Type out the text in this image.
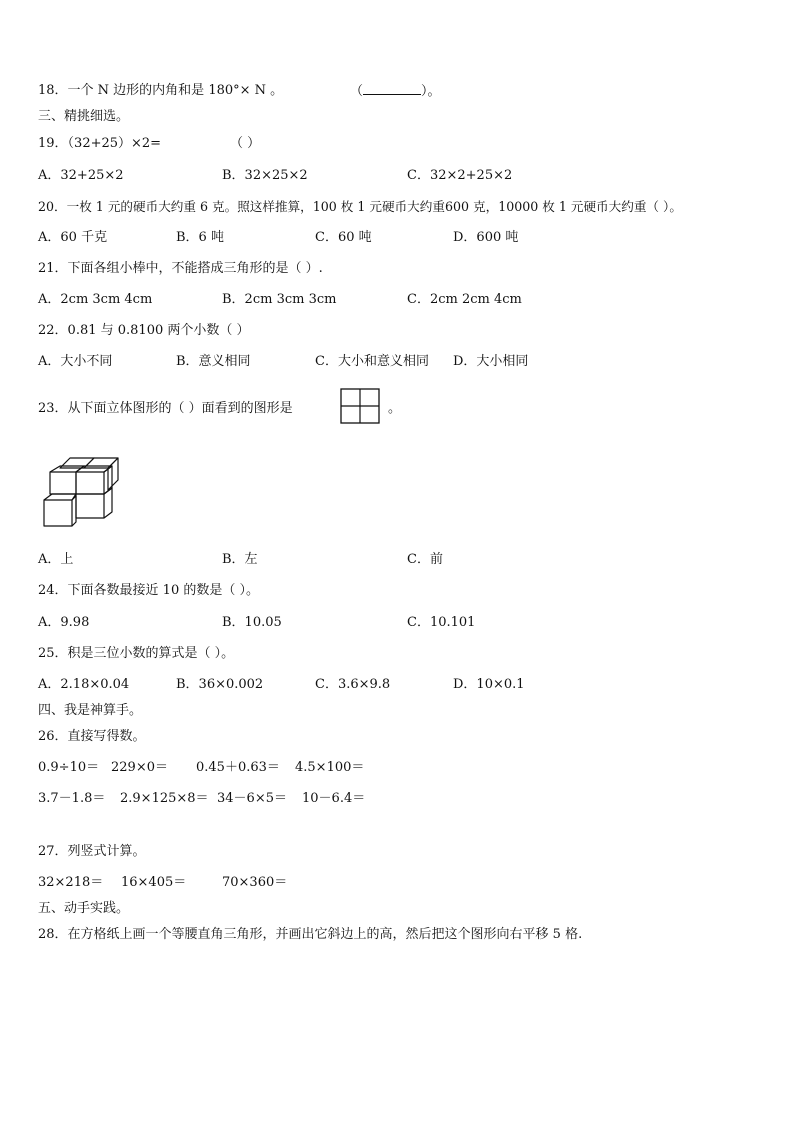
18．一个 N 边形的内角和是 180°× N 。	（	）。
三、精挑细选。
19．（32+25）×2=	（ ）
A．32+25×2	B．32×25×2	C．32×2+25×2
20．一枚 1 元的硬币大约重 6 克。照这样推算，100 枚 1 元硬币大约重600 克，10000 枚 1 元硬币大约重（ ）。
A．60 千克	B．6 吨	C．60 吨	D．600 吨
21．下面各组小棒中，不能搭成三角形的是（ ）.
A．2cm 3cm 4cm	B．2cm 3cm 3cm	C．2cm 2cm 4cm
22．0.81 与 0.8100 两个小数（ ）
A．大小不同	B．意义相同	C．大小和意义相同 D．大小相同
23．从下面立体图形的（ ）面看到的图形是	。
A．上	B．左	C．前
24．下面各数最接近 10 的数是（ ）。
A．9.98	B．10.05	C．10.101
25．积是三位小数的算式是（ ）。
A．2.18×0.04	B．36×0.002	C．3.6×9.8	D．10×0.1
四、我是神算手。
26．直接写得数。
0.9÷10＝ 229×0＝ 0.45＋0.63＝ 4.5×100＝
3.7－1.8＝ 2.9×125×8＝ 34－6×5＝ 10－6.4＝
27．列竖式计算。
32×218＝ 16×405＝	70×360＝
五、动手实践。
28．在方格纸上画一个等腰直角三角形，并画出它斜边上的高，然后把这个图形向右平移 5 格.
